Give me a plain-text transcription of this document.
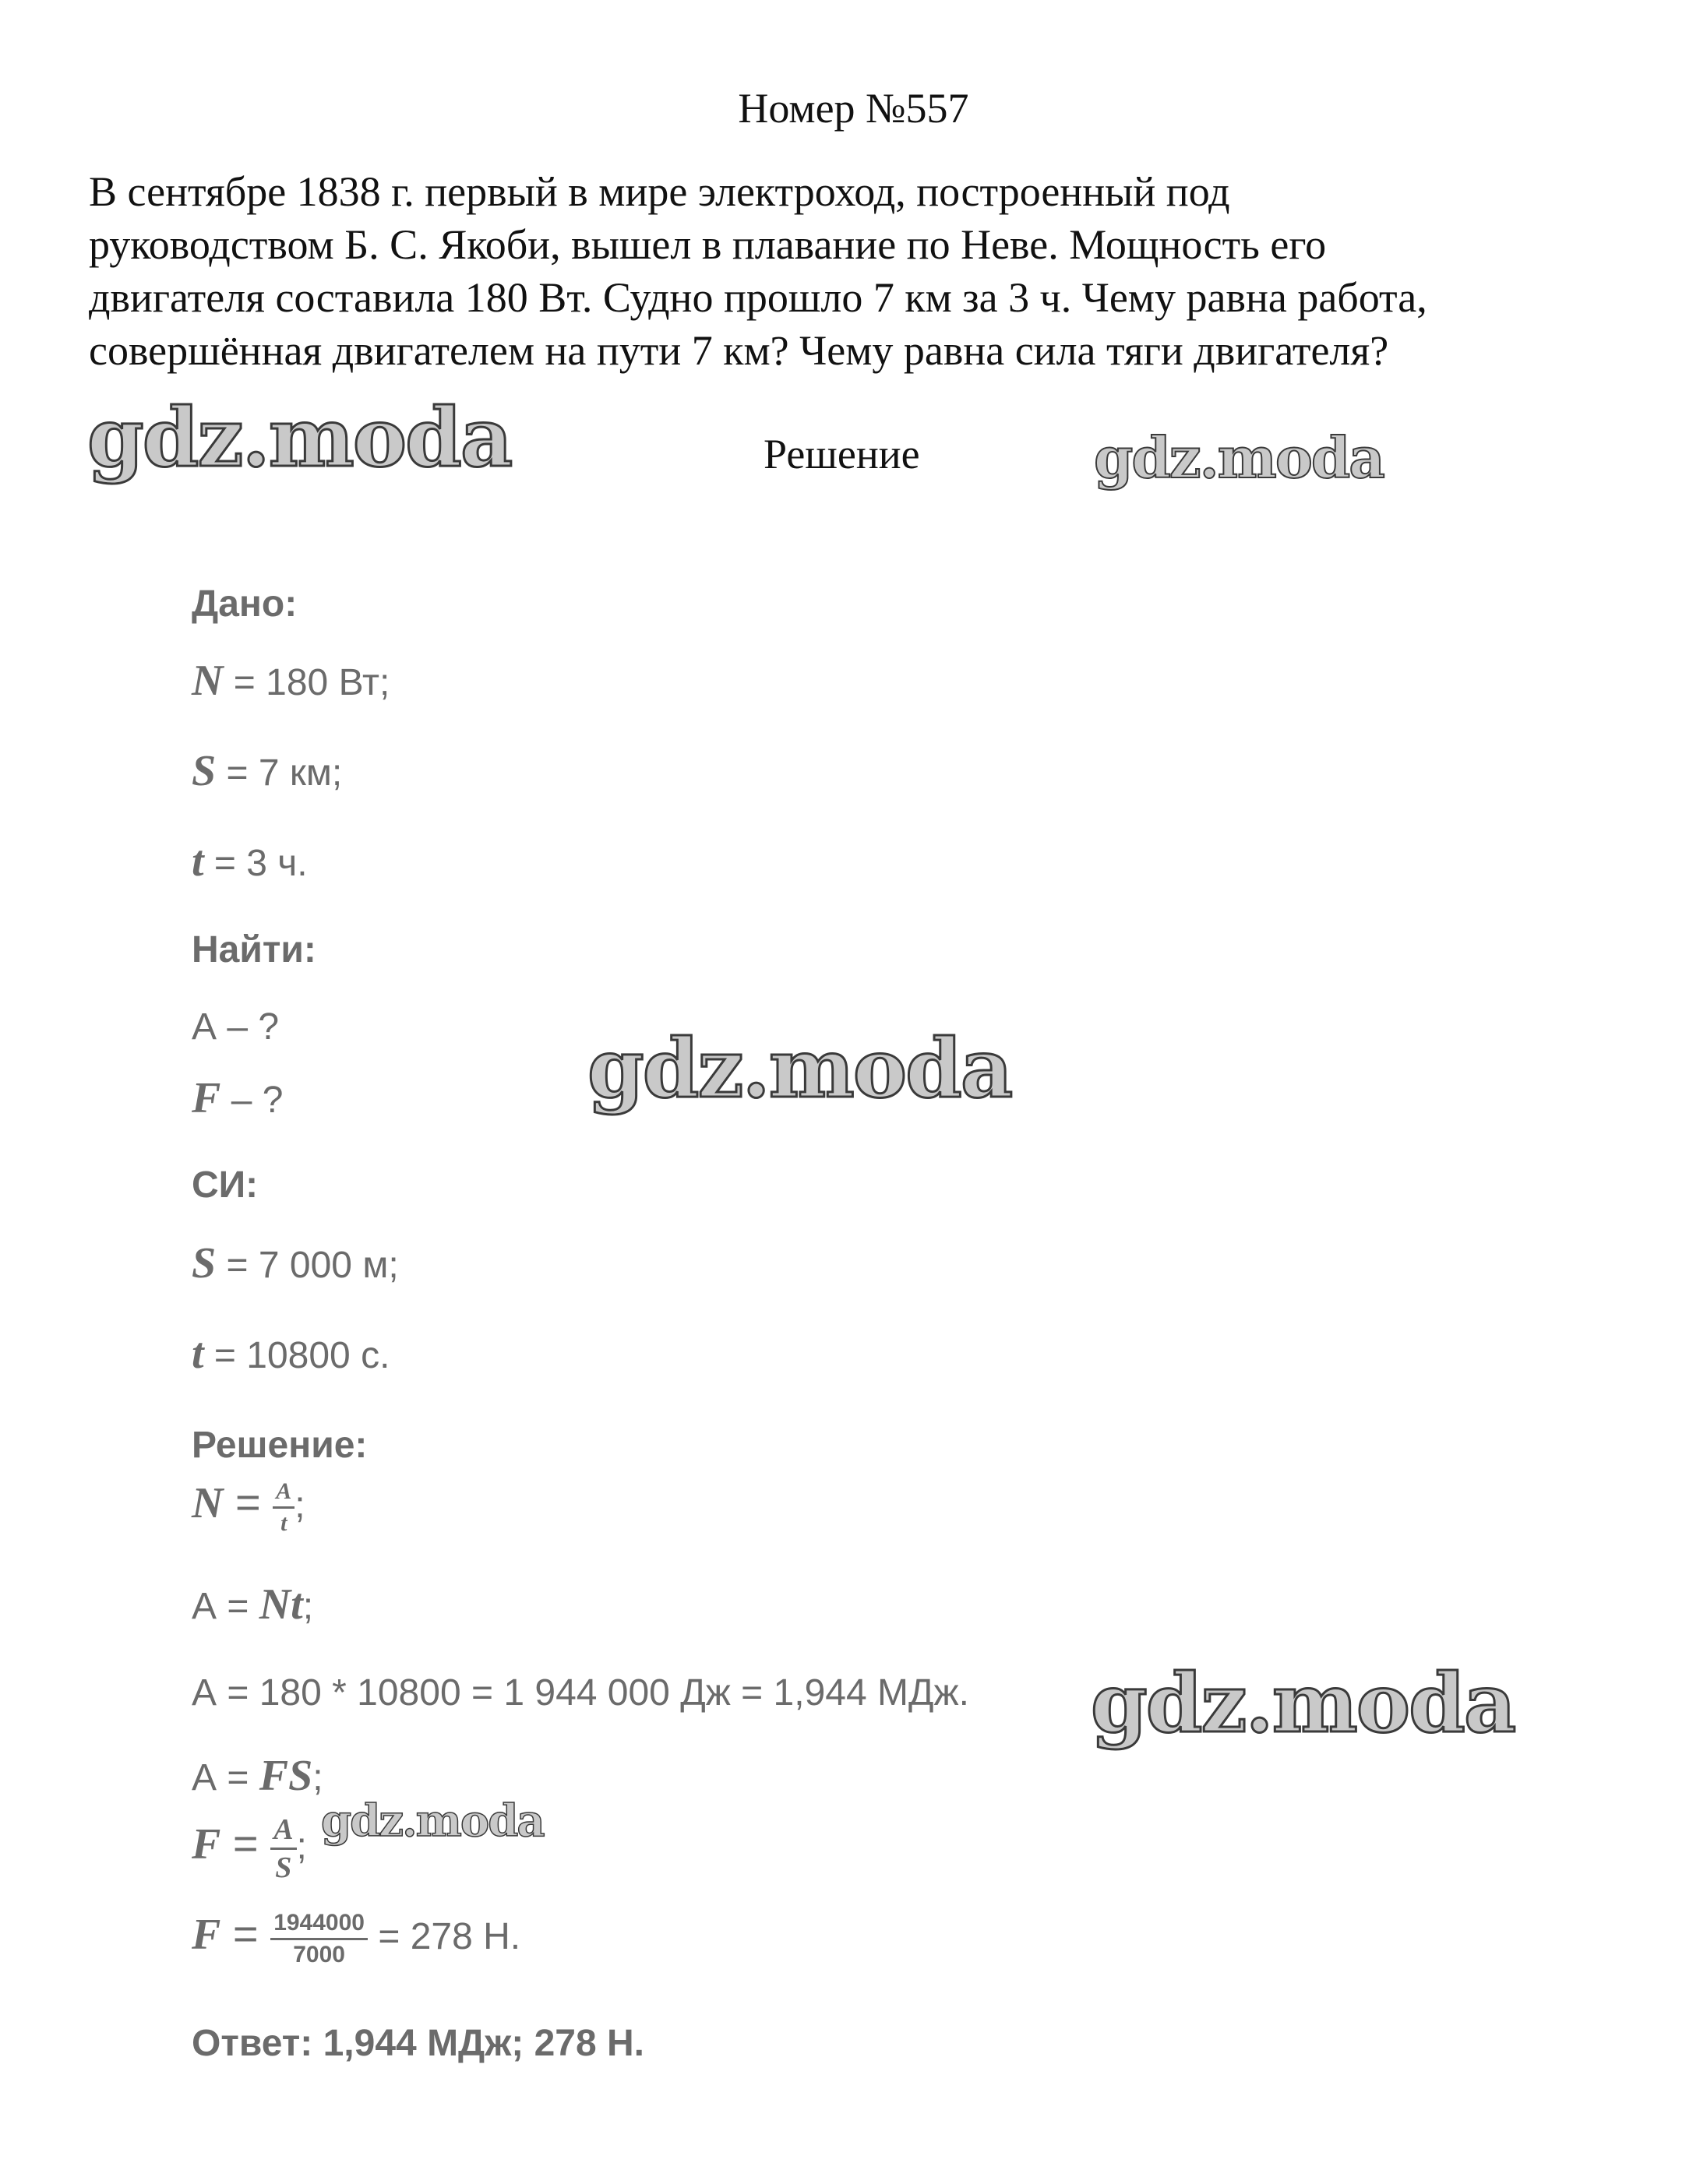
Номер №557
В сентябре 1838 г. первый в мире электроход, построенный под
руководством Б. С. Якоби, вышел в плавание по Неве. Мощность его
двигателя составила 180 Вт. Судно прошло 7 км за 3 ч. Чему равна работа,
совершённая двигателем на пути 7 км? Чему равна сила тяги двигателя?
Решение
gdz.moda	gdz.moda
gdz.moda
gdz.moda
gdz.moda
Дано:
N = 180 Вт;
S = 7 км;
t = 3 ч.
Найти:
А – ?
F – ?
СИ:
S = 7 000 м;
t = 10800 с.
Решение:
$N = \frac{A}{t}$ ;
А = Nt;
А = 180 * 10800 = 1 944 000 Дж = 1,944 МДж.
А = FS;
$F = \frac{А}{S}$ ;
$F = \frac{1944000}{7000} = 278$ Н.
Ответ: 1,944 МДж; 278 Н.
